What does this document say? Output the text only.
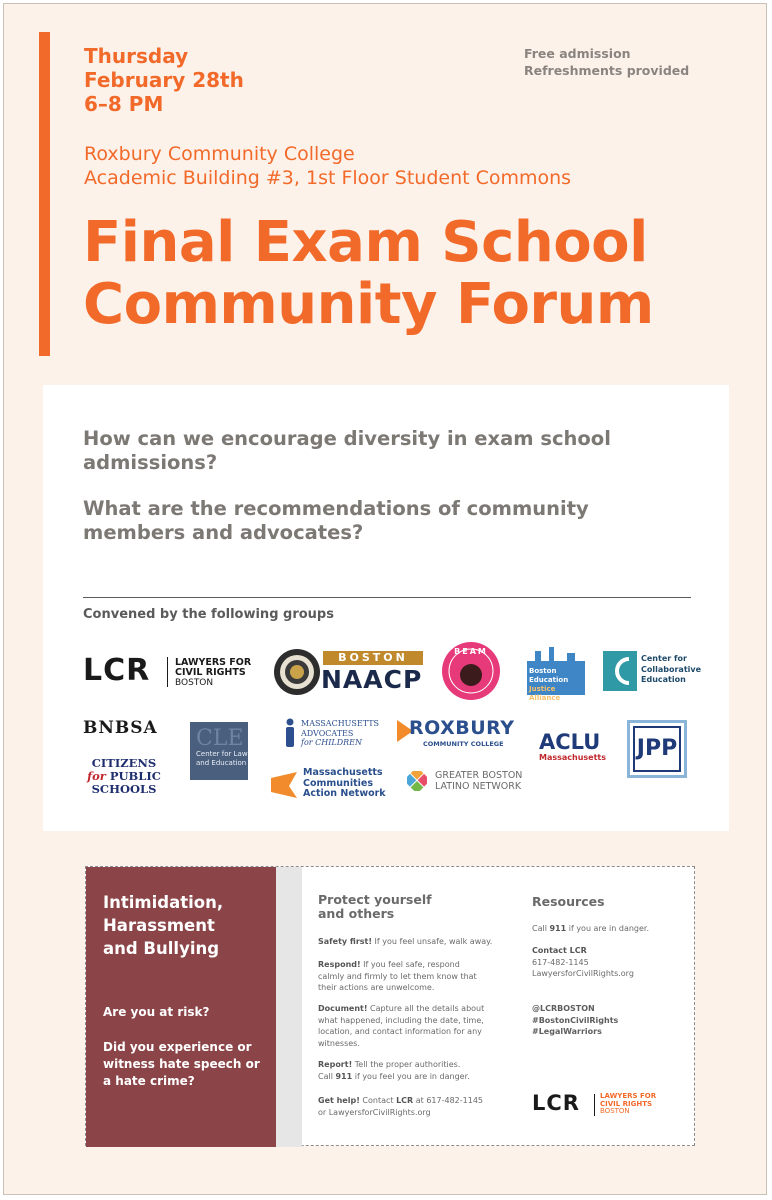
Thursday
February 28th
6–8 PM
Free admission
Refreshments provided
Roxbury Community College
Academic Building #3, 1st Floor Student Commons
Final Exam School
Community Forum
How can we encourage diversity in exam school admissions?
What are the recommendations of community members and advocates?
Convened by the following groups
LCR	LAWYERS FOR
CIVIL RIGHTS
BOSTON
BOSTON
NAACP
BEAM
Boston Education
Justice Alliance
Center for
Collaborative
Education
BNBSA
CITIZENS
for PUBLIC
SCHOOLS
CLE
Center for Law
and Education
MASSACHUSETTS
ADVOCATES
for CHILDREN
Massachusetts
Communities
Action Network
ROXBURY
COMMUNITY COLLEGE
GREATER BOSTON
LATINO NETWORK
ACLU
Massachusetts JPP
Intimidation,
Harassment
and Bullying
Are you at risk?
Did you experience or witness hate speech or a hate crime?
Protect yourself
and others
Safety first! If you feel unsafe, walk away.
Respond! If you feel safe, respond calmly and firmly to let them know that their actions are unwelcome.
Document! Capture all the details about what happened, including the date, time, location, and contact information for any witnesses.
Report! Tell the proper authorities.
Call 911 if you feel you are in danger.
Get help! Contact LCR at 617-482-1145
or LawyersforCivilRights.org
Resources
Call 911 if you are in danger.
Contact LCR
617-482-1145
LawyersforCivilRights.org
@LCRBOSTON
#BostonCivilRights
#LegalWarriors
LCR	LAWYERS FOR
CIVIL RIGHTS
BOSTON
